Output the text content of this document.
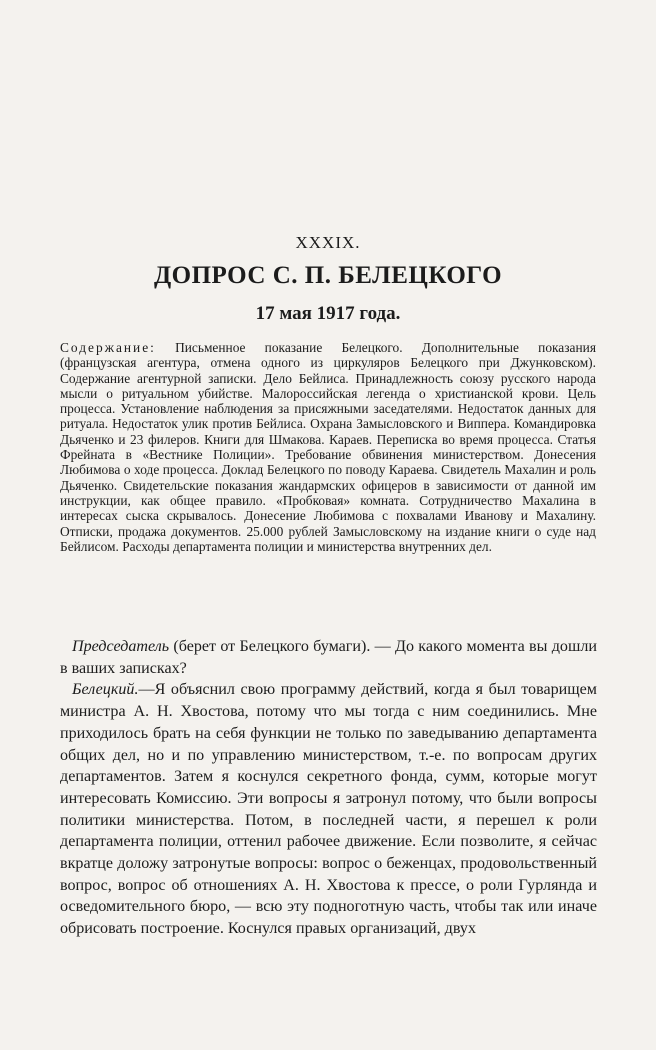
XXXIX.
ДОПРОС С. П. БЕЛЕЦКОГО
17 мая 1917 года.
Содержание: Письменное показание Белецкого. Дополнительные показания (французская агентура, отмена одного из циркуляров Белецкого при Джунковском). Содержание агентурной записки. Дело Бейлиса. Принадлежность союзу русского народа мысли о ритуальном убийстве. Малороссийская легенда о христианской крови. Цель процесса. Установление наблюдения за присяжными заседателями. Недостаток данных для ритуала. Недостаток улик против Бейлиса. Охрана Замысловского и Виппера. Командировка Дьяченко и 23 филеров. Книги для Шмакова. Караев. Переписка во время процесса. Статья Фрейната в «Вестнике Полиции». Требование обвинения министерством. Донесения Любимова о ходе процесса. Доклад Белецкого по поводу Караева. Свидетель Махалин и роль Дьяченко. Свидетельские показания жандармских офицеров в зависимости от данной им инструкции, как общее правило. «Пробковая» комната. Сотрудничество Махалина в интересах сыска скрывалось. Донесение Любимова с похвалами Иванову и Махалину. Отписки, продажа документов. 25.000 рублей Замысловскому на издание книги о суде над Бейлисом. Расходы департамента полиции и министерства внутренних дел.

Председатель (берет от Белецкого бумаги). — До какого момента вы дошли в ваших записках?

Белецкий.—Я объяснил свою программу действий, когда я был товарищем министра А. Н. Хвостова, потому что мы тогда с ним соединились. Мне приходилось брать на себя функции не только по заведыванию департамента общих дел, но и по управлению министерством, т.-е. по вопросам других департаментов. Затем я коснулся секретного фонда, сумм, которые могут интересовать Комиссию. Эти вопросы я затронул потому, что были вопросы политики министерства. Потом, в последней части, я перешел к роли департамента полиции, оттенил рабочее движение. Если позволите, я сейчас вкратце доложу затронутые вопросы: вопрос о беженцах, продовольственный вопрос, вопрос об отношениях А. Н. Хвостова к прессе, о роли Гурлянда и осведомительного бюро, — всю эту подноготную часть, чтобы так или иначе обрисовать построение. Коснулся правых организаций, двух
